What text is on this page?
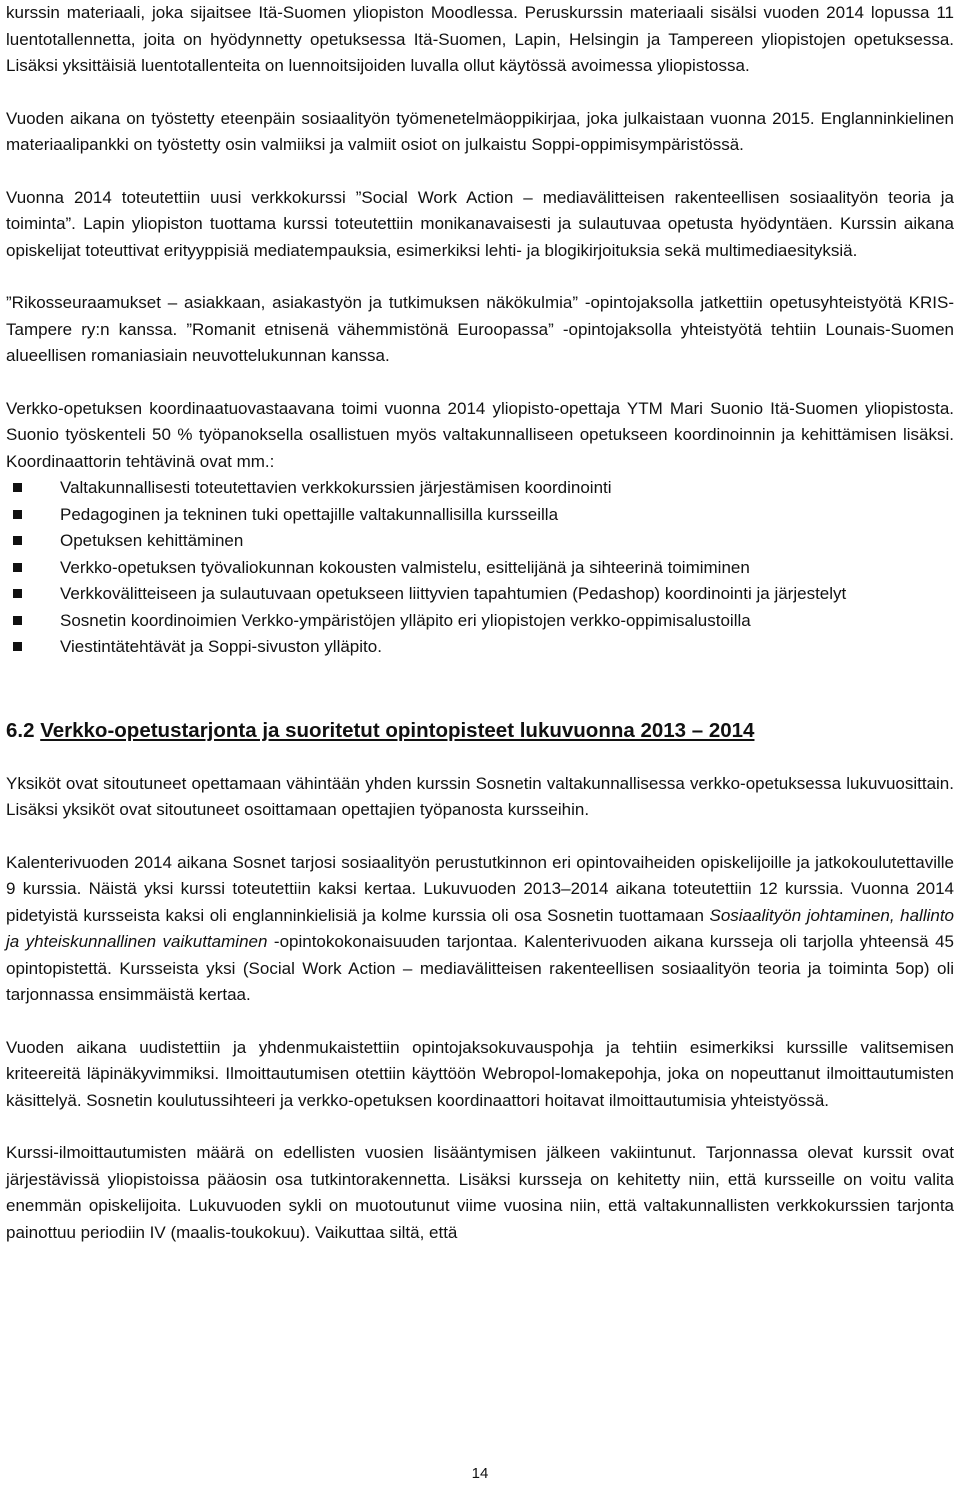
kurssin materiaali, joka sijaitsee Itä-Suomen yliopiston Moodlessa. Peruskurssin materiaali sisälsi vuoden 2014 lopussa 11 luentotallennetta, joita on hyödynnetty opetuksessa Itä-Suomen, Lapin, Helsingin ja Tampereen yliopistojen opetuksessa. Lisäksi yksittäisiä luentotallenteita on luennoitsijoiden luvalla ollut käytössä avoimessa yliopistossa.

Vuoden aikana on työstetty eteenpäin sosiaalityön työmenetelmäoppikirjaa, joka julkaistaan vuonna 2015. Englanninkielinen materiaalipankki on työstetty osin valmiiksi ja valmiit osiot on julkaistu Soppi-oppimisympäristössä.

Vuonna 2014 toteutettiin uusi verkkokurssi ”Social Work Action – mediavälitteisen rakenteellisen sosiaalityön teoria ja toiminta”. Lapin yliopiston tuottama kurssi toteutettiin monikanavaisesti ja sulautuvaa opetusta hyödyntäen. Kurssin aikana opiskelijat toteuttivat erityyppisiä mediatempauksia, esimerkiksi lehti- ja blogikirjoituksia sekä multimediaesityksiä.

”Rikosseuraamukset – asiakkaan, asiakastyön ja tutkimuksen näkökulmia” -opintojaksolla jatkettiin opetusyhteistyötä KRIS-Tampere ry:n kanssa. ”Romanit etnisenä vähemmistönä Euroopassa” -opintojaksolla yhteistyötä tehtiin Lounais-Suomen alueellisen romaniasiain neuvottelukunnan kanssa.

Verkko-opetuksen koordinaatuovastaavana toimi vuonna 2014 yliopisto-opettaja YTM Mari Suonio Itä-Suomen yliopistosta. Suonio työskenteli 50 % työpanoksella osallistuen myös valtakunnalliseen opetukseen koordinoinnin ja kehittämisen lisäksi. Koordinaattorin tehtävinä ovat mm.:

Valtakunnallisesti toteutettavien verkkokurssien järjestämisen koordinointi
Pedagoginen ja tekninen tuki opettajille valtakunnallisilla kursseilla
Opetuksen kehittäminen
Verkko-opetuksen työvaliokunnan kokousten valmistelu, esittelijänä ja sihteerinä toimiminen
Verkkovälitteiseen ja sulautuvaan opetukseen liittyvien tapahtumien (Pedashop) koordinointi ja järjestelyt
Sosnetin koordinoimien Verkko-ympäristöjen ylläpito eri yliopistojen verkko-oppimisalustoilla
Viestintätehtävät ja Soppi-sivuston ylläpito.
6.2 Verkko-opetustarjonta ja suoritetut opintopisteet lukuvuonna 2013 – 2014

Yksiköt ovat sitoutuneet opettamaan vähintään yhden kurssin Sosnetin valtakunnallisessa verkko-opetuksessa lukuvuosittain. Lisäksi yksiköt ovat sitoutuneet osoittamaan opettajien työpanosta kursseihin.

Kalenterivuoden 2014 aikana Sosnet tarjosi sosiaalityön perustutkinnon eri opintovaiheiden opiskelijoille ja jatkokoulutettaville 9 kurssia. Näistä yksi kurssi toteutettiin kaksi kertaa. Lukuvuoden 2013–2014 aikana toteutettiin 12 kurssia. Vuonna 2014 pidetyistä kursseista kaksi oli englanninkielisiä ja kolme kurssia oli osa Sosnetin tuottamaan Sosiaalityön johtaminen, hallinto ja yhteiskunnallinen vaikuttaminen -opintokokonaisuuden tarjontaa. Kalenterivuoden aikana kursseja oli tarjolla yhteensä 45 opintopistettä. Kursseista yksi (Social Work Action – mediavälitteisen rakenteellisen sosiaalityön teoria ja toiminta 5op) oli tarjonnassa ensimmäistä kertaa.

Vuoden aikana uudistettiin ja yhdenmukaistettiin opintojaksokuvauspohja ja tehtiin esimerkiksi kurssille valitsemisen kriteereitä läpinäkyvimmiksi. Ilmoittautumisen otettiin käyttöön Webropol-lomakepohja, joka on nopeuttanut ilmoittautumisten käsittelyä. Sosnetin koulutussihteeri ja verkko-opetuksen koordinaattori hoitavat ilmoittautumisia yhteistyössä.

Kurssi-ilmoittautumisten määrä on edellisten vuosien lisääntymisen jälkeen vakiintunut. Tarjonnassa olevat kurssit ovat järjestävissä yliopistoissa pääosin osa tutkintorakennetta. Lisäksi kursseja on kehitetty niin, että kursseille on voitu valita enemmän opiskelijoita. Lukuvuoden sykli on muotoutunut viime vuosina niin, että valtakunnallisten verkkokurssien tarjonta painottuu periodiin IV (maalis-toukokuu). Vaikuttaa siltä, että

14
